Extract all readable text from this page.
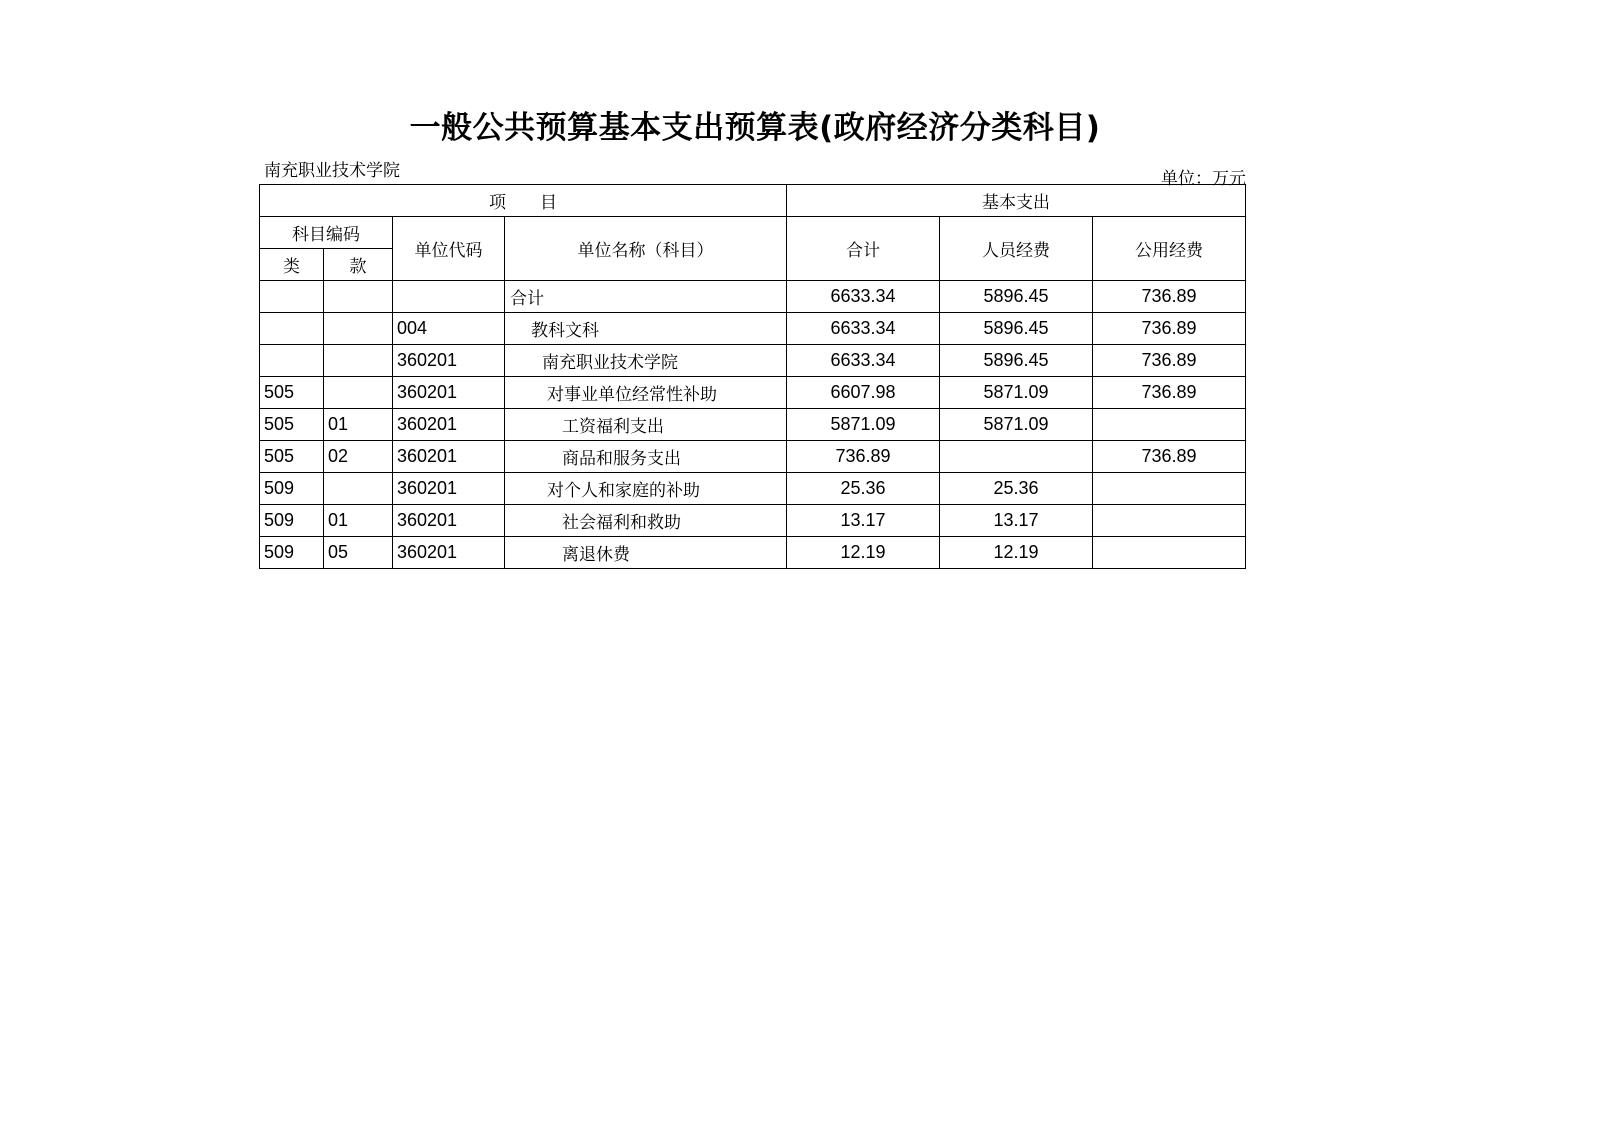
一般公共预算基本支出预算表(政府经济分类科目)
南充职业技术学院	单位：万元
项　　目				基本支出		
科目编码		单位代码	单位名称（科目）	合计	人员经费	公用经费
类	款					
			合计	6633.34	5896.45	736.89
		004	教科文科	6633.34	5896.45	736.89
		360201	南充职业技术学院	6633.34	5896.45	736.89
505		360201	对事业单位经常性补助	6607.98	5871.09	736.89
505	01	360201	工资福利支出	5871.09	5871.09	
505	02	360201	商品和服务支出	736.89		736.89
509		360201	对个人和家庭的补助	25.36	25.36	
509	01	360201	社会福利和救助	13.17	13.17	
509	05	360201	离退休费	12.19	12.19	
